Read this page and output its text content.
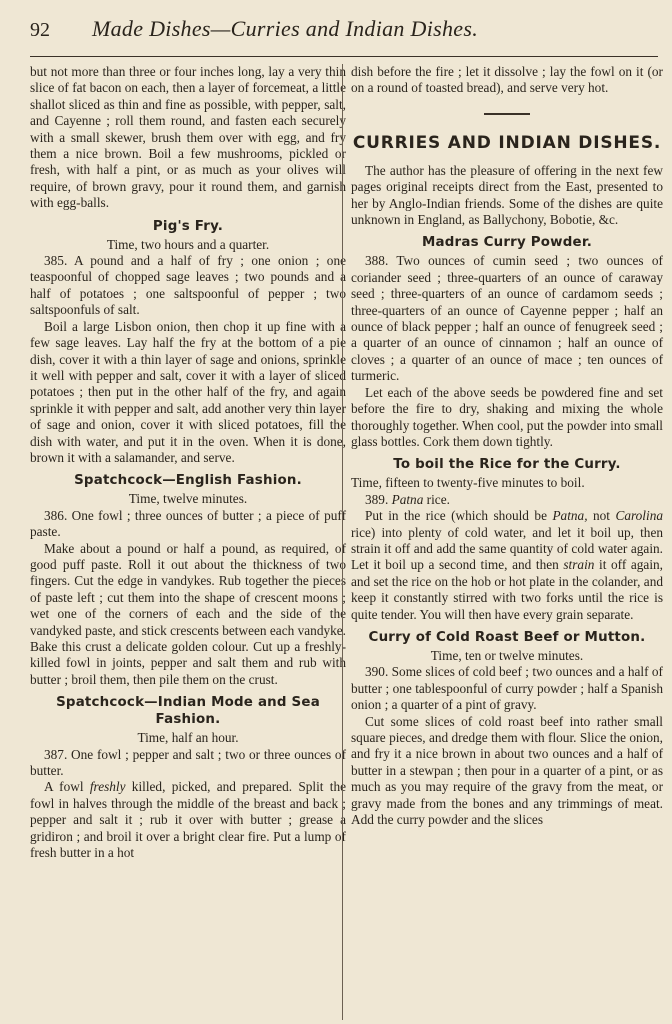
92 Made Dishes—Curries and Indian Dishes.

but not more than three or four inches long, lay a very thin slice of fat bacon on each, then a layer of forcemeat, a little shallot sliced as thin and fine as possible, with pepper, salt, and Cayenne ; roll them round, and fasten each securely with a small skewer, brush them over with egg, and fry them a nice brown. Boil a few mushrooms, pickled or fresh, with half a pint, or as much as your olives will require, of brown gravy, pour it round them, and garnish with egg-balls.

Pig's Fry.

Time, two hours and a quarter.

385. A pound and a half of fry ; one onion ; one teaspoonful of chopped sage leaves ; two pounds and a half of potatoes ; one saltspoonful of pepper ; two saltspoonfuls of salt.

Boil a large Lisbon onion, then chop it up fine with a few sage leaves. Lay half the fry at the bottom of a pie dish, cover it with a thin layer of sage and onions, sprinkle it well with pepper and salt, cover it with a layer of sliced potatoes ; then put in the other half of the fry, and again sprinkle it with pepper and salt, add another very thin layer of sage and onion, cover it with sliced potatoes, fill the dish with water, and put it in the oven. When it is done, brown it with a salamander, and serve.

Spatchcock—English Fashion.

Time, twelve minutes.

386. One fowl ; three ounces of butter ; a piece of puff paste.

Make about a pound or half a pound, as required, of good puff paste. Roll it out about the thickness of two fingers. Cut the edge in vandykes. Rub together the pieces of paste left ; cut them into the shape of crescent moons ; wet one of the corners of each and the side of the vandyked paste, and stick crescents between each vandyke. Bake this crust a delicate golden colour. Cut up a freshly-killed fowl in joints, pepper and salt them and rub with butter ; broil them, then pile them on the crust.

Spatchcock—Indian Mode and Sea Fashion.

Time, half an hour.

387. One fowl ; pepper and salt ; two or three ounces of butter.

A fowl freshly killed, picked, and prepared. Split the fowl in halves through the middle of the breast and back ; pepper and salt it ; rub it over with butter ; grease a gridiron ; and broil it over a bright clear fire. Put a lump of fresh butter in a hot

dish before the fire ; let it dissolve ; lay the fowl on it (or on a round of toasted bread), and serve very hot.

CURRIES AND INDIAN DISHES.

The author has the pleasure of offering in the next few pages original receipts direct from the East, presented to her by Anglo-Indian friends. Some of the dishes are quite unknown in England, as Ballychony, Bobotie, &c.

Madras Curry Powder.

388. Two ounces of cumin seed ; two ounces of coriander seed ; three-quarters of an ounce of caraway seed ; three-quarters of an ounce of cardamom seeds ; three-quarters of an ounce of Cayenne pepper ; half an ounce of black pepper ; half an ounce of fenugreek seed ; a quarter of an ounce of cinnamon ; half an ounce of cloves ; a quarter of an ounce of mace ; ten ounces of turmeric.

Let each of the above seeds be powdered fine and set before the fire to dry, shaking and mixing the whole thoroughly together. When cool, put the powder into small glass bottles. Cork them down tightly.

To boil the Rice for the Curry.

Time, fifteen to twenty-five minutes to boil.

389. Patna rice.

Put in the rice (which should be Patna, not Carolina rice) into plenty of cold water, and let it boil up, then strain it off and add the same quantity of cold water again. Let it boil up a second time, and then strain it off again, and set the rice on the hob or hot plate in the colander, and keep it constantly stirred with two forks until the rice is quite tender. You will then have every grain separate.

Curry of Cold Roast Beef or Mutton.

Time, ten or twelve minutes.

390. Some slices of cold beef ; two ounces and a half of butter ; one tablespoonful of curry powder ; half a Spanish onion ; a quarter of a pint of gravy.

Cut some slices of cold roast beef into rather small square pieces, and dredge them with flour. Slice the onion, and fry it a nice brown in about two ounces and a half of butter in a stewpan ; then pour in a quarter of a pint, or as much as you may require of the gravy from the meat, or gravy made from the bones and any trimmings of meat. Add the curry powder and the slices
